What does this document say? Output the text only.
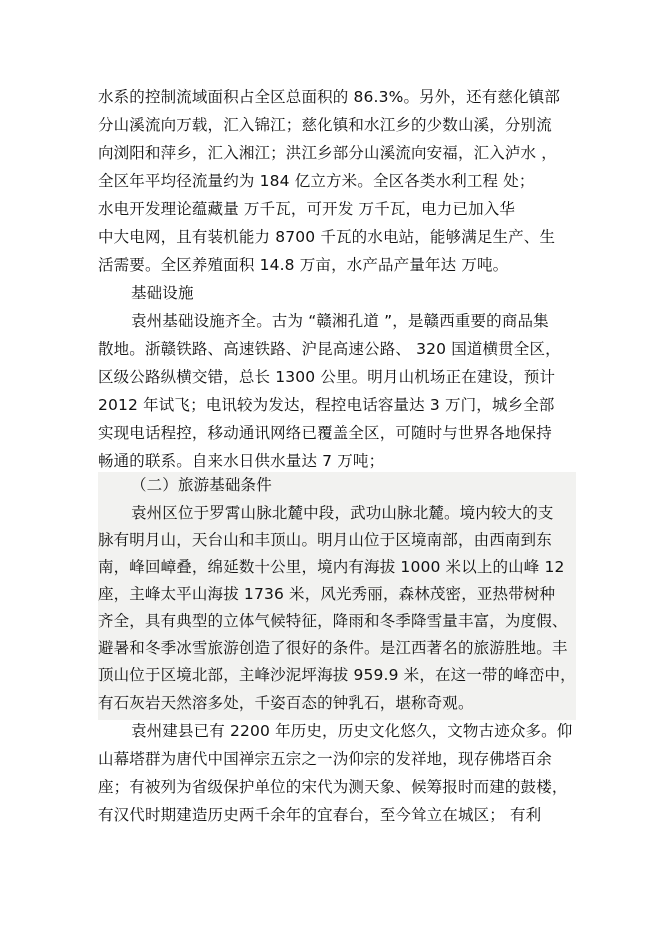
水系的控制流域面积占全区总面积的 86.3%。另外，还有慈化镇部
分山溪流向万载，汇入锦江；慈化镇和水江乡的少数山溪，分别流
向浏阳和萍乡，汇入湘江；洪江乡部分山溪流向安福，汇入泸水 ，
全区年平均径流量约为 184 亿立方米。全区各类水利工程 处；
水电开发理论蕴藏量 万千瓦，可开发 万千瓦，电力已加入华
中大电网，且有装机能力 8700 千瓦的水电站，能够满足生产、生
活需要。全区养殖面积 14.8 万亩，水产品产量年达 万吨。
基础设施
袁州基础设施齐全。古为 “赣湘孔道 ”，是赣西重要的商品集
散地。浙赣铁路、高速铁路、沪昆高速公路、 320 国道横贯全区，
区级公路纵横交错，总长 1300 公里。明月山机场正在建设，预计
2012 年试飞；电讯较为发达，程控电话容量达 3 万门，城乡全部
实现电话程控，移动通讯网络已覆盖全区，可随时与世界各地保持
畅通的联系。自来水日供水量达 7 万吨；
（二）旅游基础条件
袁州区位于罗霄山脉北麓中段，武功山脉北麓。境内较大的支
脉有明月山，天台山和丰顶山。明月山位于区境南部，由西南到东
南，峰回嶂叠，绵延数十公里，境内有海拔 1000 米以上的山峰 12
座，主峰太平山海拔 1736 米，风光秀丽，森林茂密，亚热带树种
齐全，具有典型的立体气候特征，降雨和冬季降雪量丰富，为度假、
避暑和冬季冰雪旅游创造了很好的条件。是江西著名的旅游胜地。丰
顶山位于区境北部，主峰沙泥坪海拔 959.9 米，在这一带的峰峦中，
有石灰岩天然溶多处，千姿百态的钟乳石，堪称奇观。
袁州建县已有 2200 年历史，历史文化悠久，文物古迹众多。仰
山幕塔群为唐代中国禅宗五宗之一沩仰宗的发祥地，现存佛塔百余
座；有被列为省级保护单位的宋代为测天象、候筹报时而建的鼓楼，
有汉代时期建造历史两千余年的宜春台，至今耸立在城区； 有利
